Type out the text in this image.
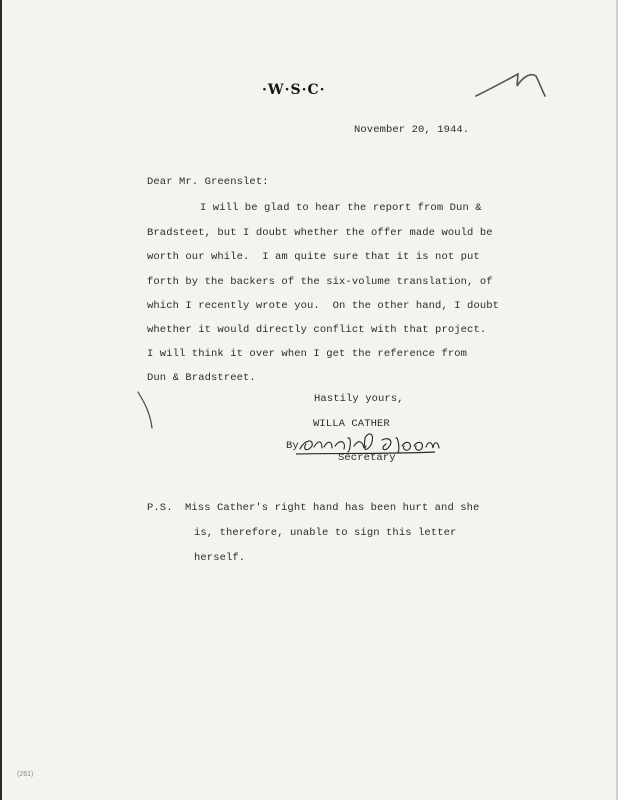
·W·S·C·
November 20, 1944.
Dear Mr. Greenslet:
I will be glad to hear the report from Dun &
Bradsteet, but I doubt whether the offer made would be
worth our while.  I am quite sure that it is not put
forth by the backers of the six-volume translation, of
which I recently wrote you.  On the other hand, I doubt
whether it would directly conflict with that project.
I will think it over when I get the reference from
Dun & Bradstreet.
Hastily yours,
WILLA CATHER
By
Secretary
P.S. Miss Cather's right hand has been hurt and she
is, therefore, unable to sign this letter
herself.
(261)
